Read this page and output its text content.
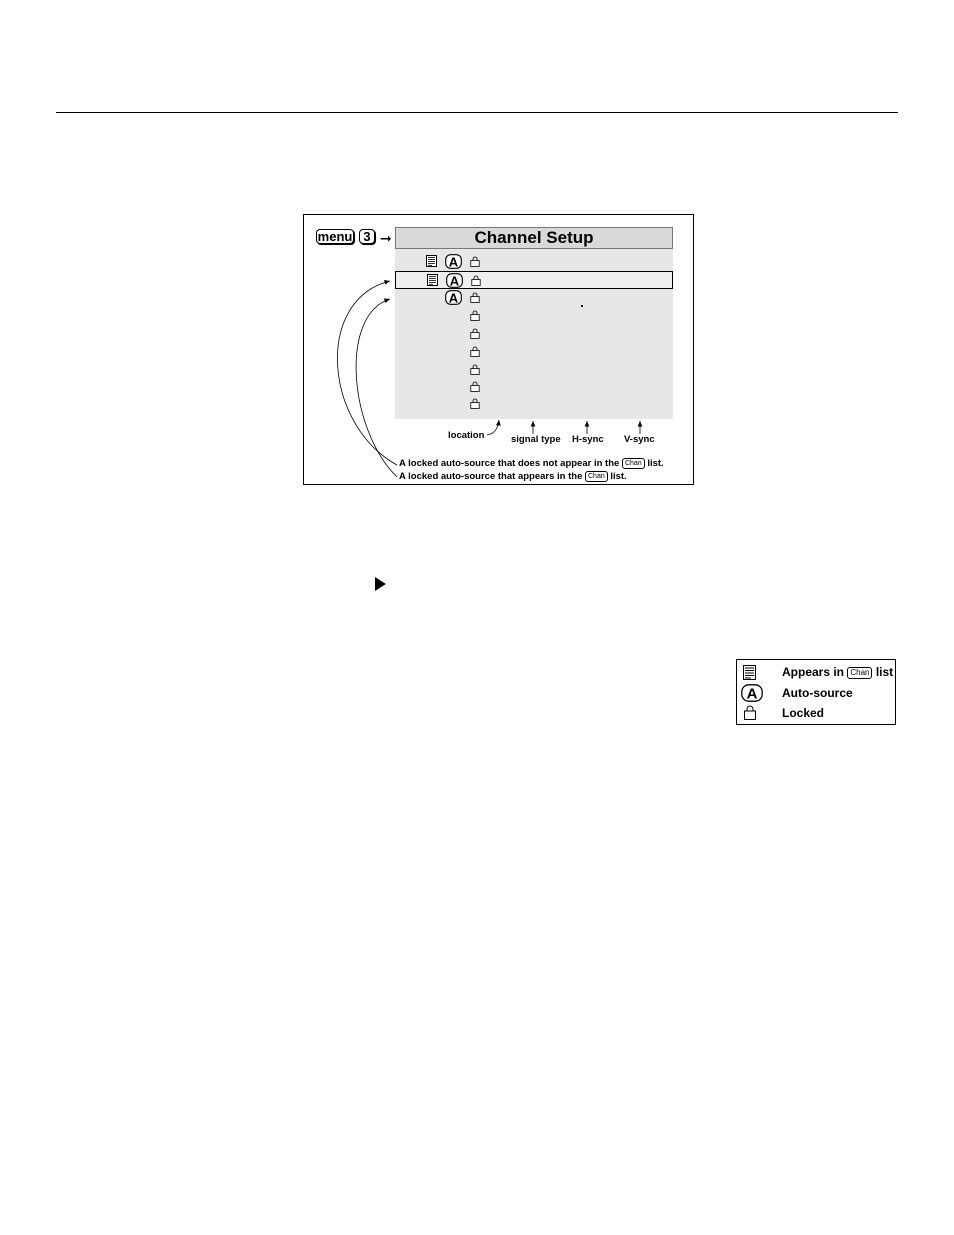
menu 3 ➞	Channel Setup
A
A
A
location	signal type H-sync V-sync
A locked auto-source that does not appear in the Chan list.
A locked auto-source that appears in the Chan list.
Appears in Chan list
A Auto-source
Locked
